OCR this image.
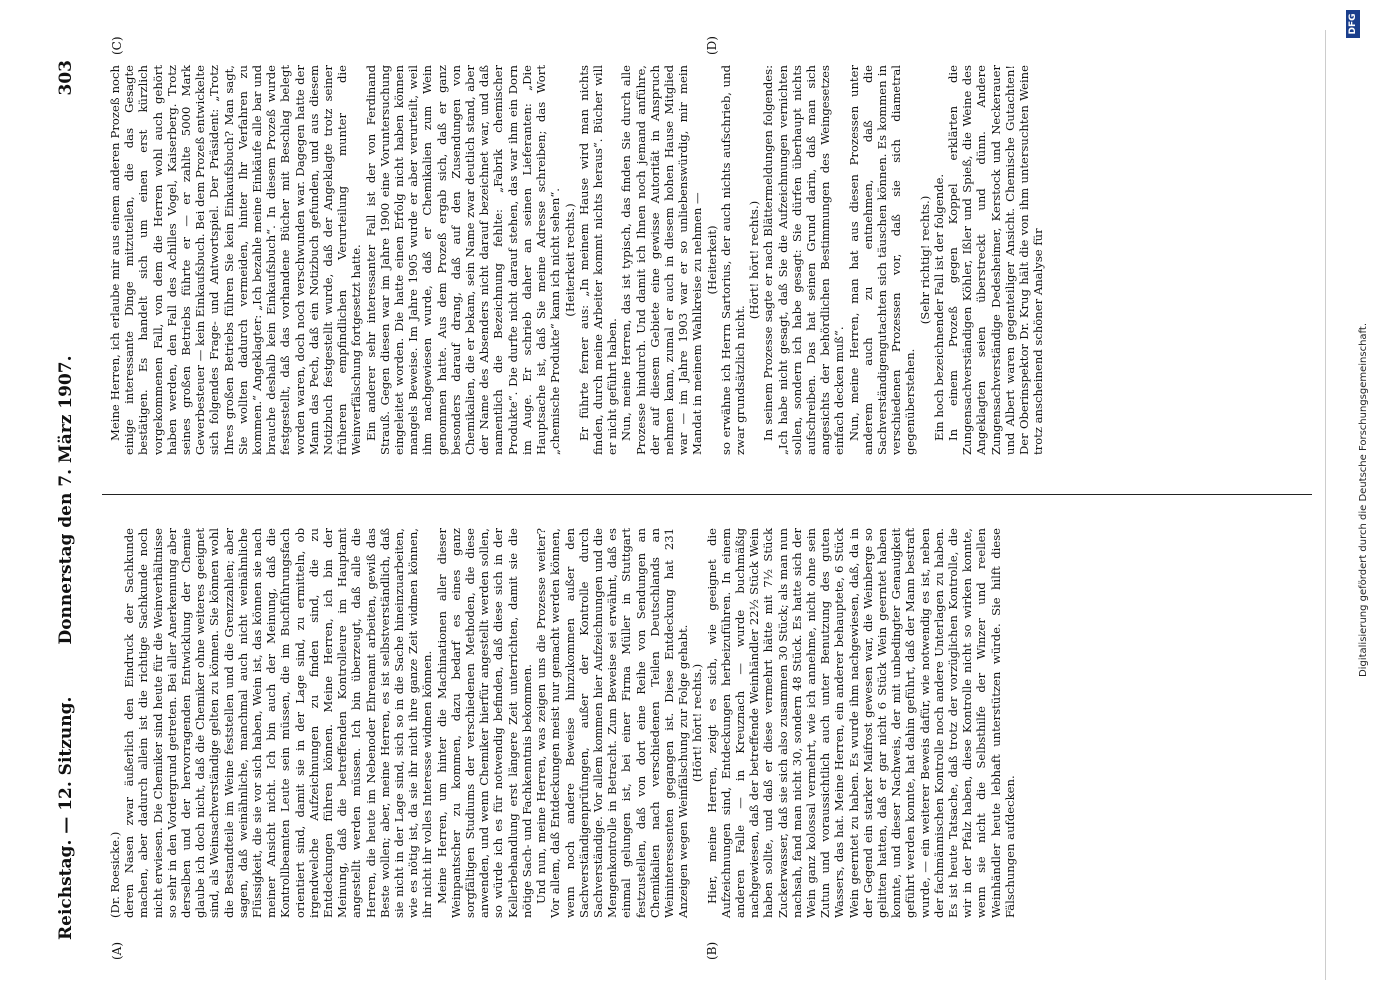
Reichstag. — 12. Sitzung.
Donnerstag den 7. März 1907.
303
(A)	(B)
(C)	(D)

(Dr. Roesicke.) deren Nasen zwar äußerlich den Eindruck der Sachkunde machen, aber dadurch allein ist die richtige Sachkunde noch nicht erwiesen. Die Chemiker sind heute für die Weinverhältnisse so sehr in den Vordergrund getreten. Bei aller Anerkennung aber derselben und der hervorragenden Entwicklung der Chemie glaube ich doch nicht, daß die Chemiker ohne weiteres geeignet sind, als Weinsachverständige gelten zu können. Sie können wohl die Bestandteile im Weine feststellen und die Grenzzahlen; aber sagen, daß weinähnliche, manchmal auch nicht weinähnliche Flüssigkeit, die sie vor sich haben, Wein ist, das können sie nach meiner Ansicht nicht. Ich bin auch der Meinung, daß die Kontrollbeamten Leute sein müssen, die im Buchführungsfach orientiert sind, damit sie in der Lage sind, zu ermitteln, ob irgendwelche Aufzeichnungen zu finden sind, die zu Entdeckungen führen können. Meine Herren, ich bin der Meinung, daß die betreffenden Kontrolleure im Hauptamt angestellt werden müssen. Ich bin überzeugt, daß alle die Herren, die heute im Nebenoder Ehrenamt arbeiten, gewiß das Beste wollen; aber, meine Herren, es ist selbstverständlich, daß sie nicht in der Lage sind, sich so in die Sache hineinzuarbeiten, wie es nötig ist, da sie ihr nicht ihre ganze Zeit widmen können, ihr nicht ihr volles Interesse widmen können. Meine Herren, um hinter die Machinationen aller dieser Weinpantscher zu kommen, dazu bedarf es eines ganz sorgfältigen Studiums der verschiedenen Methoden, die diese anwenden, und wenn Chemiker hierfür angestellt werden sollen, so würde ich es für notwendig befinden, daß diese sich in der Kellerbehandlung erst längere Zeit unterrichten, damit sie die nötige Sach- und Fachkenntnis bekommen. Und nun, meine Herren, was zeigen uns die Prozesse weiter? Vor allem, daß Entdeckungen meist nur gemacht werden können, wenn noch andere Beweise hinzukommen außer den Sachverständigenprüfungen, außer der Kontrolle durch Sachverständige. Vor allem kommen hier Aufzeichnungen und die Mengenkontrolle in Betracht. Zum Beweise sei erwähnt, daß es einmal gelungen ist, bei einer Firma Müller in Stuttgart festzustellen, daß von dort eine Reihe von Sendungen an Chemikalien nach verschiedenen Teilen Deutschlands an Weininteressenten gegangen ist. Diese Entdeckung hat 231 Anzeigen wegen Weinfälschung zur Folge gehabt. (Hört! hört! rechts.) Hier, meine Herren, zeigt es sich, wie geeignet die Aufzeichnungen sind, Entdeckungen herbeizuführen. In einem anderen Falle — in Kreuznach — wurde buchmäßig nachgewiesen, daß der betreffende Weinhändler 22½ Stück Wein haben sollte, und daß er diese vermehrt hätte mit 7½ Stück Zuckerwasser, daß sie sich also zusammen 30 Stück; als man nun nachsah, fand man nicht 30, sondern 48 Stück. Es hatte sich der Wein ganz kolossal vermehrt, wie ich annehme, nicht ohne sein Zutun und voraussichtlich auch unter Benutzung des guten Wassers, das hat. Meine Herren, ein anderer behauptete, 6 Stück Wein geerntet zu haben. Es wurde ihm nachgewiesen, daß, da in der Gegend ein starker Maifrost gewesen war, die Weinberge so gelitten hatten, daß er gar nicht 6 Stück Wein geerntet haben konnte, und dieser Nachweis, der mit unbedingter Genauigkeit geführt werden konnte, hat dahin geführt, daß der Mann bestraft wurde, — ein weiterer Beweis dafür, wie notwendig es ist, neben der fachmännischen Kontrolle noch andere Unterlagen zu haben. Es ist heute Tatsache, daß trotz der vorzüglichen Kontrolle, die wir in der Pfalz haben, diese Kontrolle nicht so wirken konnte, wenn sie nicht die Selbsthilfe der Winzer und reellen Weinhändler heute lebhaft unterstützen würde. Sie hilft diese Fälschungen aufdecken.

Meine Herren, ich erlaube mir aus einem anderen Prozeß noch einige interessante Dinge mitzuteilen, die das Gesagte bestätigen. Es handelt sich um einen erst kürzlich vorgekommenen Fall, von dem die Herren wohl auch gehört haben werden, den Fall des Achilles Vogel, Kaiserberg. Trotz seines großen Betriebs führte er — er zahlte 5000 Mark Gewerbesteuer — kein Einkaufsbuch. Bei dem Prozeß entwickelte sich folgendes Frage- und Antwortspiel. Der Präsident: „Trotz Ihres großen Betriebs führen Sie kein Einkaufsbuch? Man sagt, Sie wollten dadurch vermeiden, hinter Ihr Verfahren zu kommen.“ Angeklagter: „Ich bezahle meine Einkäufe alle bar und brauche deshalb kein Einkaufsbuch“. In diesem Prozeß wurde festgestellt, daß das vorhandene Bücher mit Beschlag belegt worden waren, doch noch verschwunden war. Dagegen hatte der Mann das Pech, daß ein Notizbuch gefunden, und aus diesem Notizbuch festgestellt wurde, daß der Angeklagte trotz seiner früheren empfindlichen Verurteilung munter die Weinverfälschung fortgesetzt hatte. Ein anderer sehr interessanter Fall ist der von Ferdinand Strauß. Gegen diesen war im Jahre 1900 eine Voruntersuchung eingeleitet worden. Die hatte einen Erfolg nicht haben können mangels Beweise. Im Jahre 1905 wurde er aber verurteilt, weil ihm nachgewiesen wurde, daß er Chemikalien zum Wein genommen hatte. Aus dem Prozeß ergab sich, daß er ganz besonders darauf drang, daß auf den Zusendungen von Chemikalien, die er bekam, sein Name zwar deutlich stand, aber der Name des Absenders nicht darauf bezeichnet war, und daß namentlich die Bezeichnung fehlte: „Fabrik chemischer Produkte“. Die durfte nicht darauf stehen, das war ihm ein Dorn im Auge. Er schrieb daher an seinen Lieferanten: „Die Hauptsache ist, daß Sie meine Adresse schreiben; das Wort „chemische Produkte“ kann ich nicht sehen“. (Heiterkeit rechts.) Er führte ferner aus: „In meinem Hause wird man nichts finden, durch meine Arbeiter kommt nichts heraus“. Bücher will er nicht geführt haben. Nun, meine Herren, das ist typisch, das finden Sie durch alle Prozesse hindurch. Und damit ich Ihnen noch jemand anführe, der auf diesem Gebiete eine gewisse Autorität in Anspruch nehmen kann, zumal er auch in diesem hohen Hause Mitglied war — im Jahre 1903 war er so unliebenswürdig, mir mein Mandat in meinem Wahlkreise zu nehmen — (Heiterkeit) so erwähne ich Herrn Sartorius, der auch nichts aufschrieb, und zwar grundsätzlich nicht.

(Hört! hört! rechts.) In seinem Prozesse sagte er nach Blättermeldungen folgendes: „Ich habe nicht gesagt, daß Sie die Aufzeichnungen vernichten sollen, sondern ich habe gesagt: Sie dürfen überhaupt nichts aufschreiben. Das hat seinen Grund darin, daß man sich angesichts der behördlichen Bestimmungen des Weingesetzes einfach decken muß“. Nun, meine Herren, man hat aus diesen Prozessen unter anderem auch zu entnehmen, daß die Sachverständigengutachten sich täuschen können. Es kommen in verschiedenen Prozessen vor, daß sie sich diametral gegenüberstehen.

(Sehr richtig! rechts.) Ein hoch bezeichnender Fall ist der folgende. In einem Prozeß gegen Koppel erklärten die Zungensachverständigen Köhler, Ißler und Spieß, die Weine des Angeklagten seien überstreckt und dünn. Andere Zungensachverständige Dedesheimer, Kerstock und Neckerauer und Albert waren gegenteiliger Ansicht. Chemische Gutachten! Der Oberinspektor Dr. Krug hält die von ihm untersuchten Weine trotz anscheinend schöner Analyse für	Digitalisierung gefördert durch die Deutsche Forschungsgemeinschaft.
DFG
